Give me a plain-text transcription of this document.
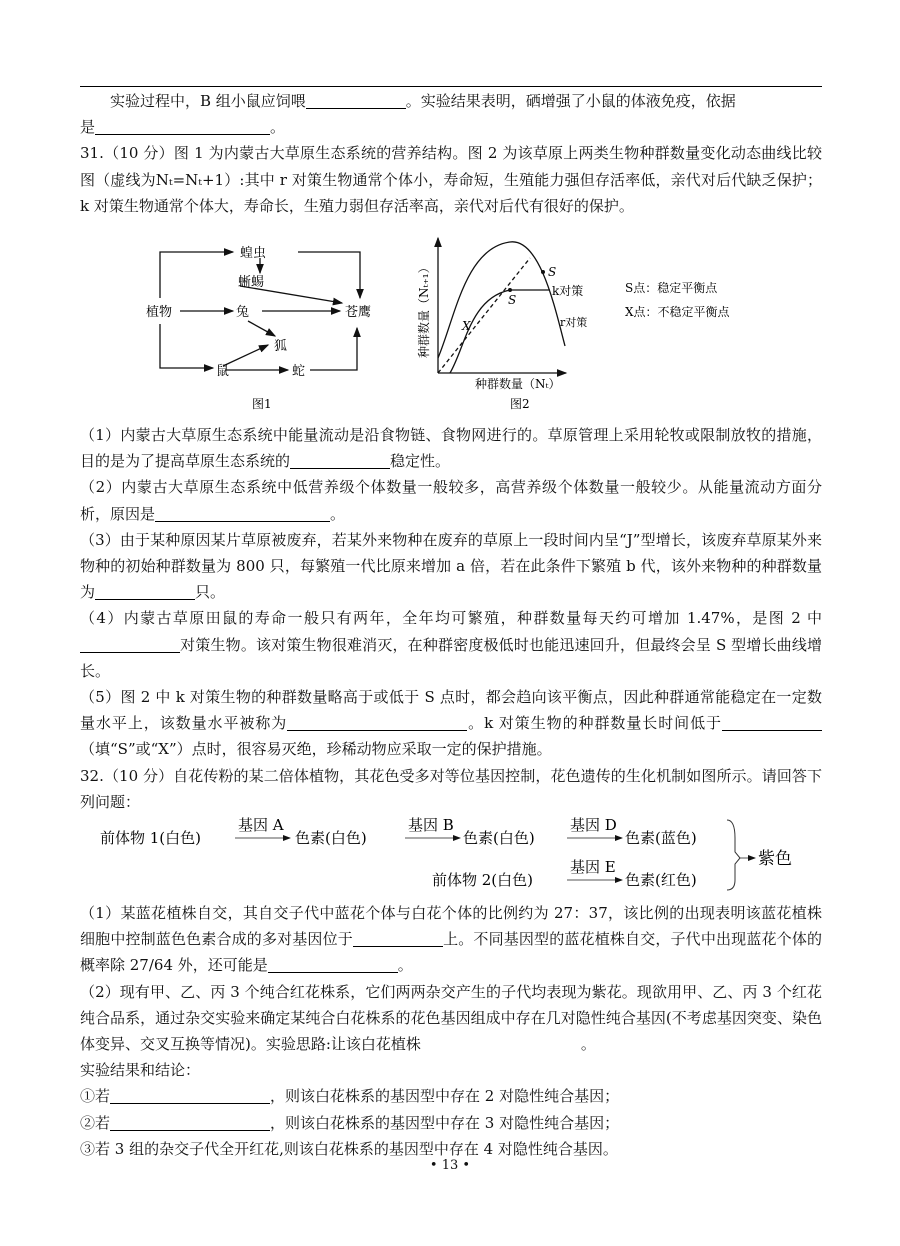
实验过程中，B 组小鼠应饲喂	。实验结果表明，硒增强了小鼠的体液免疫，依据

是	。

31.（10 分）图 1 为内蒙古大草原生态系统的营养结构。图 2 为该草原上两类生物种群数量变化动态曲线比较图（虚线为Nₜ=Nₜ+1）:其中 r 对策生物通常个体小，寿命短，生殖能力强但存活率低，亲代对后代缺乏保护；k 对策生物通常个体大，寿命长，生殖力弱但存活率高，亲代对后代有很好的保护。

蝗虫
蜥蜴
植物	兔	苍鹰
狐
鼠	蛇
图1
S
S
X
k对策
r对策
种群数量（Nₜ₊₁）
种群数量（Nₜ）
图2
S点：稳定平衡点
X点：不稳定平衡点

（1）内蒙古大草原生态系统中能量流动是沿食物链、食物网进行的。草原管理上采用轮牧或限制放牧的措施，目的是为了提高草原生态系统的	稳定性。

（2）内蒙古大草原生态系统中低营养级个体数量一般较多，高营养级个体数量一般较少。从能量流动方面分析，原因是	。

（3）由于某种原因某片草原被废弃，若某外来物种在废弃的草原上一段时间内呈“J”型增长，该废弃草原某外来物种的初始种群数量为 800 只，每繁殖一代比原来增加 a 倍，若在此条件下繁殖 b 代，该外来物种的种群数量为	只。

（4）内蒙古草原田鼠的寿命一般只有两年，全年均可繁殖，种群数量每天约可增加 1.47%，是图 2 中对策生物。该对策生物很难消灭，在种群密度极低时也能迅速回升，但最终会呈 S 型增长曲线增长。

（5）图 2 中 k 对策生物的种群数量略高于或低于 S 点时，都会趋向该平衡点，因此种群通常能稳定在一定数量水平上，该数量水平被称为	。k 对策生物的种群数量长时间低于（填“S”或“X”）点时，很容易灭绝，珍稀动物应采取一定的保护措施。

32.（10 分）自花传粉的某二倍体植物，其花色受多对等位基因控制，花色遗传的生化机制如图所示。请回答下列问题：

前体物 1(白色)
基因 A
色素(白色)
基因 B
色素(白色)
基因 D
色素(蓝色)
前体物 2(白色)
基因 E
色素(红色)
紫色

（1）某蓝花植株自交，其自交子代中蓝花个体与白花个体的比例约为 27：37，该比例的出现表明该蓝花植株细胞中控制蓝色色素合成的多对基因位于	上。不同基因型的蓝花植株自交，子代中出现蓝花个体的概率除 27/64 外，还可能是	。

（2）现有甲、乙、丙 3 个纯合红花株系，它们两两杂交产生的子代均表现为紫花。现欲用甲、乙、丙 3 个红花纯合品系，通过杂交实验来确定某纯合白花株系的花色基因组成中存在几对隐性纯合基因(不考虑基因突变、染色体变异、交叉互换等情况)。实验思路:让该白花植株	。

实验结果和结论：

①若	，则该白花株系的基因型中存在 2 对隐性纯合基因；

②若	，则该白花株系的基因型中存在 3 对隐性纯合基因；

③若 3 组的杂交子代全开红花,则该白花株系的基因型中存在 4 对隐性纯合基因。

• 13 •
